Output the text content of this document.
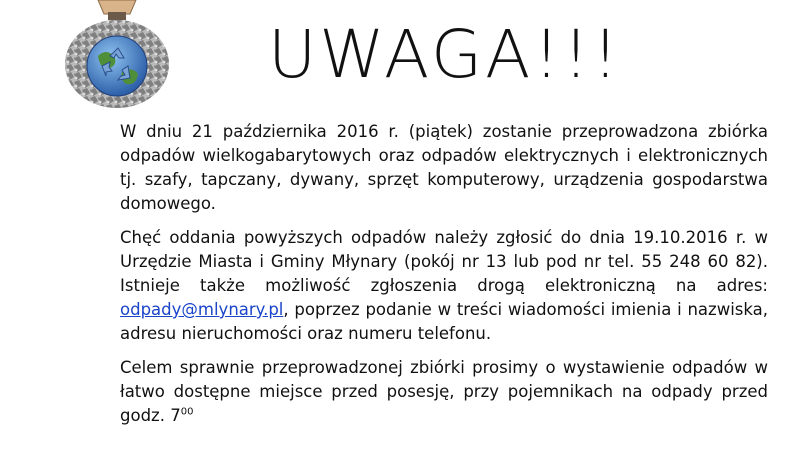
UWAGA!!!

W dniu 21 października 2016 r. (piątek) zostanie przeprowadzona zbiórka odpadów wielkogabarytowych oraz odpadów elektrycznych i elektronicznych tj. szafy, tapczany, dywany, sprzęt komputerowy, urządzenia gospodarstwa domowego.

Chęć oddania powyższych odpadów należy zgłosić do dnia 19.10.2016 r. w Urzędzie Miasta i Gminy Młynary (pokój nr 13 lub pod nr tel. 55 248 60 82). Istnieje także możliwość zgłoszenia drogą elektroniczną na adres: odpady@mlynary.pl, poprzez podanie w treści wiadomości imienia i nazwiska, adresu nieruchomości oraz numeru telefonu.

Celem sprawnie przeprowadzonej zbiórki prosimy o wystawienie odpadów w łatwo dostępne miejsce przed posesję, przy pojemnikach na odpady przed godz. $7^{00}$
